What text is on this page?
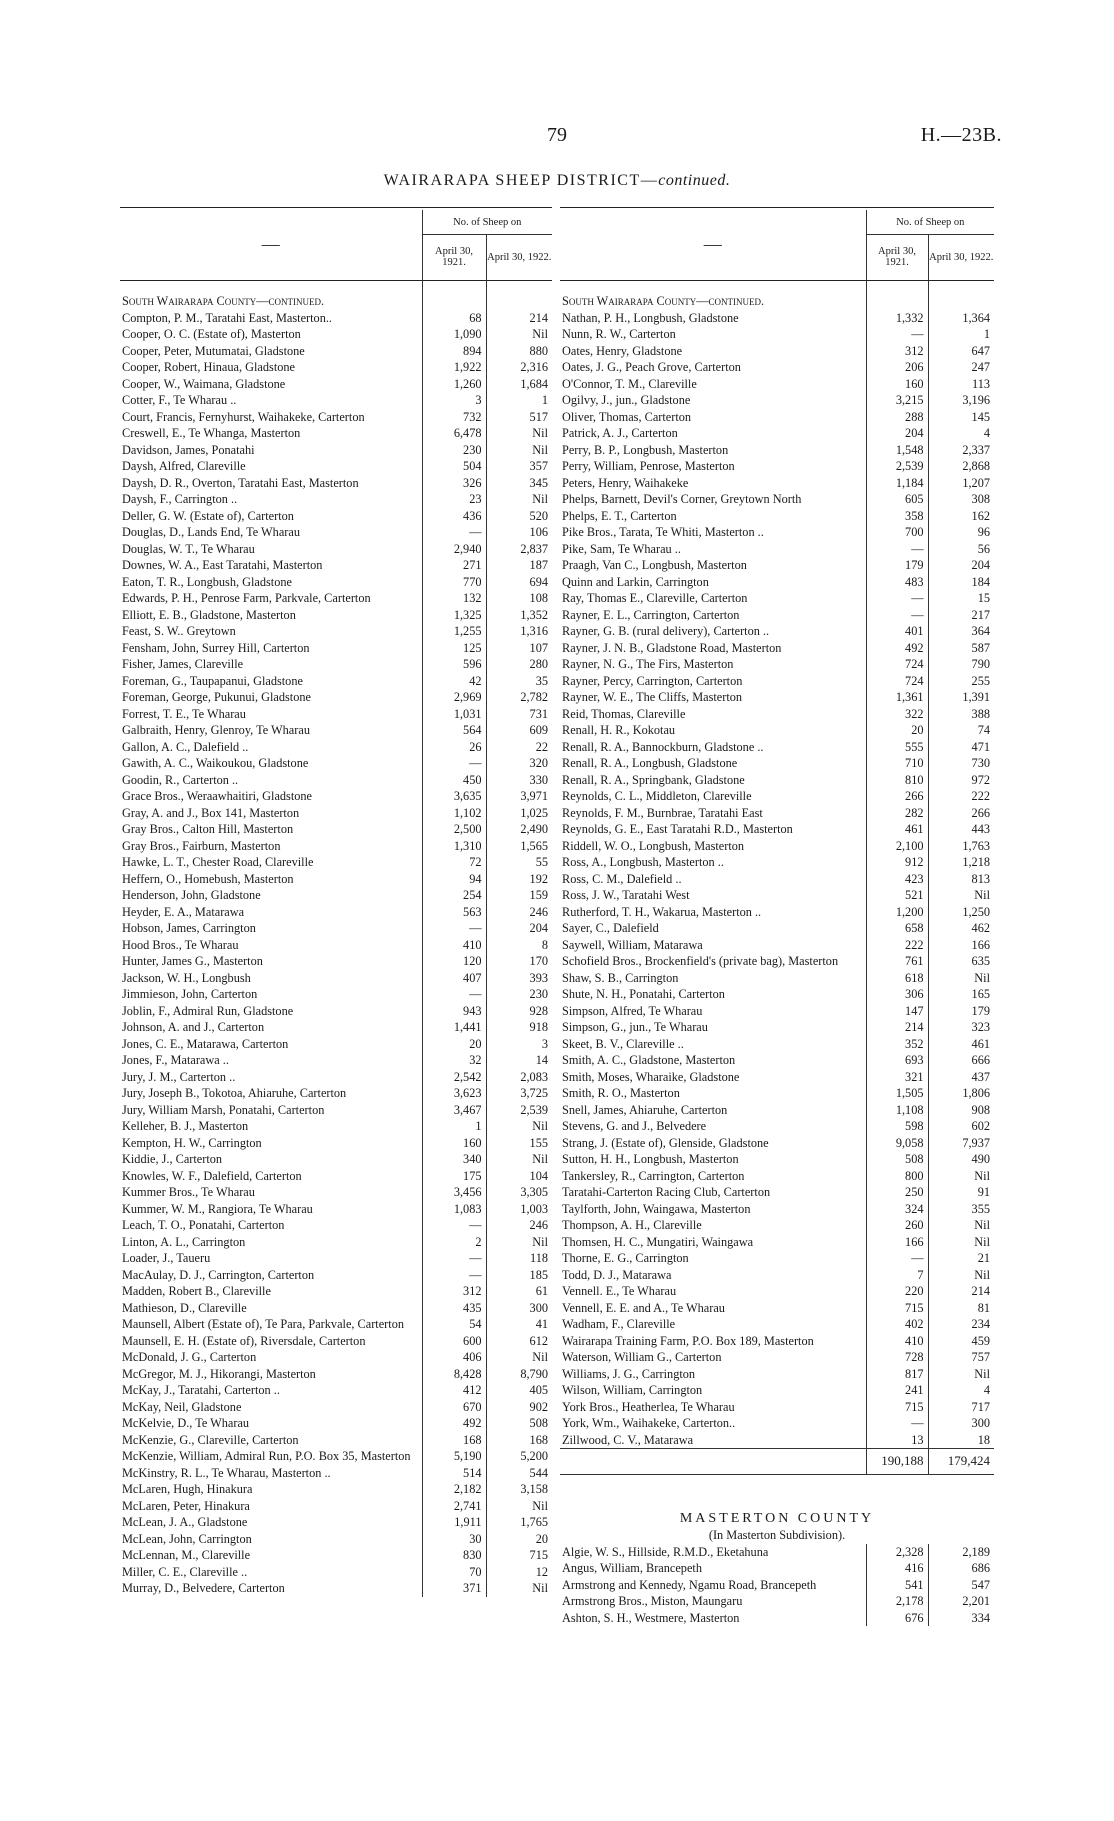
79	H.—23B.
WAIRARAPA SHEEP DISTRICT—continued.
—	No. of Sheep on	
	April 30, 1921.	April 30, 1922.
South Wairarapa County—continued.		
Compton, P. M., Taratahi East, Masterton..	68	214
Cooper, O. C. (Estate of), Masterton	1,090	Nil
Cooper, Peter, Mutumatai, Gladstone	894	880
Cooper, Robert, Hinaua, Gladstone	1,922	2,316
Cooper, W., Waimana, Gladstone	1,260	1,684
Cotter, F., Te Wharau ..	3	1
Court, Francis, Fernyhurst, Waihakeke, Carterton	732	517
Creswell, E., Te Whanga, Masterton	6,478	Nil
Davidson, James, Ponatahi	230	Nil
Daysh, Alfred, Clareville	504	357
Daysh, D. R., Overton, Taratahi East, Masterton	326	345
Daysh, F., Carrington ..	23	Nil
Deller, G. W. (Estate of), Carterton	436	520
Douglas, D., Lands End, Te Wharau	—	106
Douglas, W. T., Te Wharau	2,940	2,837
Downes, W. A., East Taratahi, Masterton	271	187
Eaton, T. R., Longbush, Gladstone	770	694
Edwards, P. H., Penrose Farm, Parkvale, Carterton	132	108
Elliott, E. B., Gladstone, Masterton	1,325	1,352
Feast, S. W.. Greytown	1,255	1,316
Fensham, John, Surrey Hill, Carterton	125	107
Fisher, James, Clareville	596	280
Foreman, G., Taupapanui, Gladstone	42	35
Foreman, George, Pukunui, Gladstone	2,969	2,782
Forrest, T. E., Te Wharau	1,031	731
Galbraith, Henry, Glenroy, Te Wharau	564	609
Gallon, A. C., Dalefield ..	26	22
Gawith, A. C., Waikoukou, Gladstone	—	320
Goodin, R., Carterton ..	450	330
Grace Bros., Weraawhaitiri, Gladstone	3,635	3,971
Gray, A. and J., Box 141, Masterton	1,102	1,025
Gray Bros., Calton Hill, Masterton	2,500	2,490
Gray Bros., Fairburn, Masterton	1,310	1,565
Hawke, L. T., Chester Road, Clareville	72	55
Heffern, O., Homebush, Masterton	94	192
Henderson, John, Gladstone	254	159
Heyder, E. A., Matarawa	563	246
Hobson, James, Carrington	—	204
Hood Bros., Te Wharau	410	8
Hunter, James G., Masterton	120	170
Jackson, W. H., Longbush	407	393
Jimmieson, John, Carterton	—	230
Joblin, F., Admiral Run, Gladstone	943	928
Johnson, A. and J., Carterton	1,441	918
Jones, C. E., Matarawa, Carterton	20	3
Jones, F., Matarawa ..	32	14
Jury, J. M., Carterton ..	2,542	2,083
Jury, Joseph B., Tokotoa, Ahiaruhe, Carterton	3,623	3,725
Jury, William Marsh, Ponatahi, Carterton	3,467	2,539
Kelleher, B. J., Masterton	1	Nil
Kempton, H. W., Carrington	160	155
Kiddie, J., Carterton	340	Nil
Knowles, W. F., Dalefield, Carterton	175	104
Kummer Bros., Te Wharau	3,456	3,305
Kummer, W. M., Rangiora, Te Wharau	1,083	1,003
Leach, T. O., Ponatahi, Carterton	—	246
Linton, A. L., Carrington	2	Nil
Loader, J., Taueru	—	118
MacAulay, D. J., Carrington, Carterton	—	185
Madden, Robert B., Clareville	312	61
Mathieson, D., Clareville	435	300
Maunsell, Albert (Estate of), Te Para, Parkvale, Carterton	54	41
Maunsell, E. H. (Estate of), Riversdale, Carterton	600	612
McDonald, J. G., Carterton	406	Nil
McGregor, M. J., Hikorangi, Masterton	8,428	8,790
McKay, J., Taratahi, Carterton ..	412	405
McKay, Neil, Gladstone	670	902
McKelvie, D., Te Wharau	492	508
McKenzie, G., Clareville, Carterton	168	168
McKenzie, William, Admiral Run, P.O. Box 35, Masterton	5,190	5,200
McKinstry, R. L., Te Wharau, Masterton ..	514	544
McLaren, Hugh, Hinakura	2,182	3,158
McLaren, Peter, Hinakura	2,741	Nil
McLean, J. A., Gladstone	1,911	1,765
McLean, John, Carrington	30	20
McLennan, M., Clareville	830	715
Miller, C. E., Clareville ..	70	12
Murray, D., Belvedere, Carterton	371	Nil
—	No. of Sheep on	
	April 30, 1921.	April 30, 1922.
South Wairarapa County—continued.		
Nathan, P. H., Longbush, Gladstone	1,332	1,364
Nunn, R. W., Carterton	—	1
Oates, Henry, Gladstone	312	647
Oates, J. G., Peach Grove, Carterton	206	247
O'Connor, T. M., Clareville	160	113
Ogilvy, J., jun., Gladstone	3,215	3,196
Oliver, Thomas, Carterton	288	145
Patrick, A. J., Carterton	204	4
Perry, B. P., Longbush, Masterton	1,548	2,337
Perry, William, Penrose, Masterton	2,539	2,868
Peters, Henry, Waihakeke	1,184	1,207
Phelps, Barnett, Devil's Corner, Greytown North	605	308
Phelps, E. T., Carterton	358	162
Pike Bros., Tarata, Te Whiti, Masterton ..	700	96
Pike, Sam, Te Wharau ..	—	56
Praagh, Van C., Longbush, Masterton	179	204
Quinn and Larkin, Carrington	483	184
Ray, Thomas E., Clareville, Carterton	—	15
Rayner, E. L., Carrington, Carterton	—	217
Rayner, G. B. (rural delivery), Carterton ..	401	364
Rayner, J. N. B., Gladstone Road, Masterton	492	587
Rayner, N. G., The Firs, Masterton	724	790
Rayner, Percy, Carrington, Carterton	724	255
Rayner, W. E., The Cliffs, Masterton	1,361	1,391
Reid, Thomas, Clareville	322	388
Renall, H. R., Kokotau	20	74
Renall, R. A., Bannockburn, Gladstone ..	555	471
Renall, R. A., Longbush, Gladstone	710	730
Renall, R. A., Springbank, Gladstone	810	972
Reynolds, C. L., Middleton, Clareville	266	222
Reynolds, F. M., Burnbrae, Taratahi East	282	266
Reynolds, G. E., East Taratahi R.D., Masterton	461	443
Riddell, W. O., Longbush, Masterton	2,100	1,763
Ross, A., Longbush, Masterton ..	912	1,218
Ross, C. M., Dalefield ..	423	813
Ross, J. W., Taratahi West	521	Nil
Rutherford, T. H., Wakarua, Masterton ..	1,200	1,250
Sayer, C., Dalefield	658	462
Saywell, William, Matarawa	222	166
Schofield Bros., Brockenfield's (private bag), Masterton	761	635
Shaw, S. B., Carrington	618	Nil
Shute, N. H., Ponatahi, Carterton	306	165
Simpson, Alfred, Te Wharau	147	179
Simpson, G., jun., Te Wharau	214	323
Skeet, B. V., Clareville ..	352	461
Smith, A. C., Gladstone, Masterton	693	666
Smith, Moses, Wharaike, Gladstone	321	437
Smith, R. O., Masterton	1,505	1,806
Snell, James, Ahiaruhe, Carterton	1,108	908
Stevens, G. and J., Belvedere	598	602
Strang, J. (Estate of), Glenside, Gladstone	9,058	7,937
Sutton, H. H., Longbush, Masterton	508	490
Tankersley, R., Carrington, Carterton	800	Nil
Taratahi-Carterton Racing Club, Carterton	250	91
Taylforth, John, Waingawa, Masterton	324	355
Thompson, A. H., Clareville	260	Nil
Thomsen, H. C., Mungatiri, Waingawa	166	Nil
Thorne, E. G., Carrington	—	21
Todd, D. J., Matarawa	7	Nil
Vennell. E., Te Wharau	220	214
Vennell, E. E. and A., Te Wharau	715	81
Wadham, F., Clareville	402	234
Wairarapa Training Farm, P.O. Box 189, Masterton	410	459
Waterson, William G., Carterton	728	757
Williams, J. G., Carrington	817	Nil
Wilson, William, Carrington	241	4
York Bros., Heatherlea, Te Wharau	715	717
York, Wm., Waihakeke, Carterton..	—	300
Zillwood, C. V., Matarawa	13	18
	190,188	179,424
MASTERTON COUNTY		
(In Masterton Subdivision).		
Algie, W. S., Hillside, R.M.D., Eketahuna	2,328	2,189
Angus, William, Brancepeth	416	686
Armstrong and Kennedy, Ngamu Road, Brancepeth	541	547
Armstrong Bros., Miston, Maungaru	2,178	2,201
Ashton, S. H., Westmere, Masterton	676	334
